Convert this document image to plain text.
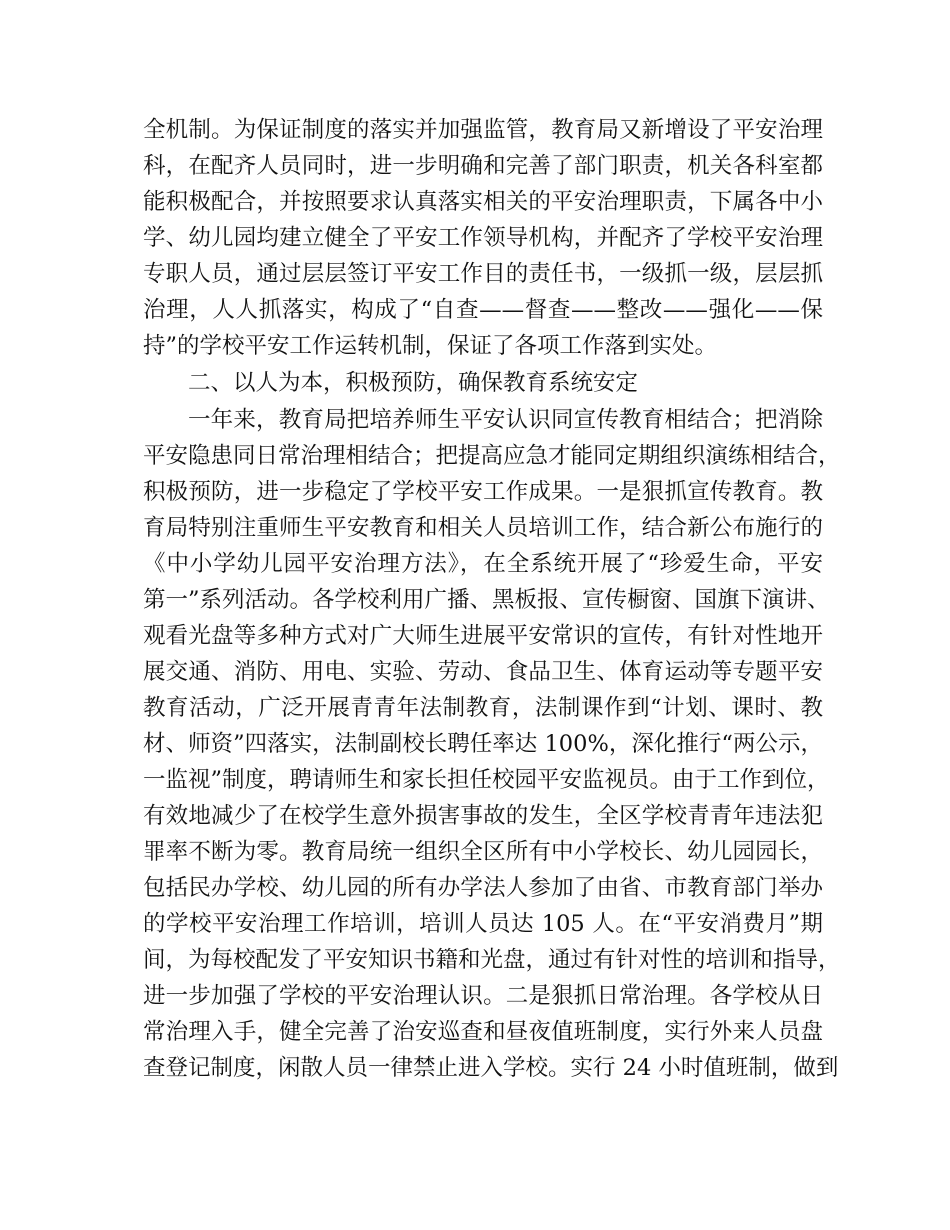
全机制。为保证制度的落实并加强监管，教育局又新增设了平安治理
科，在配齐人员同时，进一步明确和完善了部门职责，机关各科室都
能积极配合，并按照要求认真落实相关的平安治理职责，下属各中小
学、幼儿园均建立健全了平安工作领导机构，并配齐了学校平安治理
专职人员，通过层层签订平安工作目的责任书，一级抓一级，层层抓
治理，人人抓落实，构成了“自查——督查——整改——强化——保
持”的学校平安工作运转机制，保证了各项工作落到实处。
二、以人为本，积极预防，确保教育系统安定
一年来，教育局把培养师生平安认识同宣传教育相结合；把消除
平安隐患同日常治理相结合；把提高应急才能同定期组织演练相结合，
积极预防，进一步稳定了学校平安工作成果。一是狠抓宣传教育。教
育局特别注重师生平安教育和相关人员培训工作，结合新公布施行的
《中小学幼儿园平安治理方法》，在全系统开展了“珍爱生命，平安
第一”系列活动。各学校利用广播、黑板报、宣传橱窗、国旗下演讲、
观看光盘等多种方式对广大师生进展平安常识的宣传，有针对性地开
展交通、消防、用电、实验、劳动、食品卫生、体育运动等专题平安
教育活动，广泛开展青青年法制教育，法制课作到“计划、课时、教
材、师资”四落实，法制副校长聘任率达 100%，深化推行“两公示，
一监视”制度，聘请师生和家长担任校园平安监视员。由于工作到位，
有效地减少了在校学生意外损害事故的发生，全区学校青青年违法犯
罪率不断为零。教育局统一组织全区所有中小学校长、幼儿园园长，
包括民办学校、幼儿园的所有办学法人参加了由省、市教育部门举办
的学校平安治理工作培训，培训人员达 105 人。在“平安消费月”期
间，为每校配发了平安知识书籍和光盘，通过有针对性的培训和指导，
进一步加强了学校的平安治理认识。二是狠抓日常治理。各学校从日
常治理入手，健全完善了治安巡查和昼夜值班制度，实行外来人员盘
查登记制度，闲散人员一律禁止进入学校。实行 24 小时值班制，做到
